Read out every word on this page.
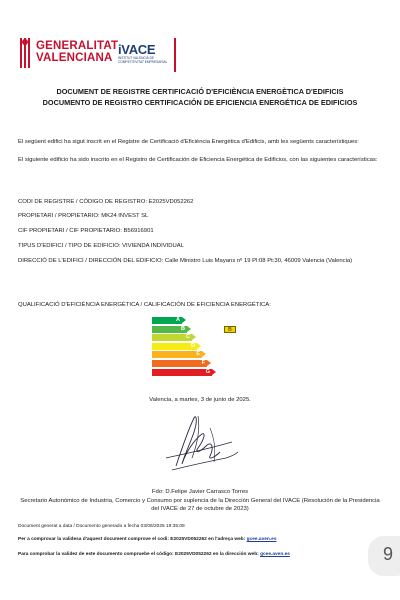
GENERALITAT
VALENCIANA
iVACE
INSTITUT VALENCIÀ DE COMPETITIVITAT EMPRESARIAL
DOCUMENT DE REGISTRE CERTIFICACIÓ D'EFICIÈNCIA ENERGÈTICA D'EDIFICIS
DOCUMENTO DE REGISTRO CERTIFICACIÓN DE EFICIENCIA ENERGÉTICA DE EDIFICIOS
El següent edifici ha sigut inscrit en el Registre de Certificació d'Eficiència Energètica d'Edificis, amb les següents característiques:
El siguiente edificio ha sido inscrito en el Registro de Certificación de Eficiencia Energética de Edificios, con las siguientes características:
CODI DE REGISTRE / CÓDIGO DE REGISTRO: E2025VD052262
PROPIETARI / PROPIETARIO: MK24 INVEST SL
CIF PROPIETARI / CIF PROPIETARIO: B56916901
TIPUS D'EDIFICI / TIPO DE EDIFICIO: VIVIENDA INDIVIDUAL
DIRECCIÓ DE L'EDIFICI / DIRECCIÓN DEL EDIFICIO: Calle Ministro Luis Mayans nº 19 Pl:08 Pt:30, 46009 Valencia (Valencia)
QUALIFICACIÓ D'EFICIÈNCIA ENERGÈTICA / CALIFICACIÓN DE EFICIENCIA ENERGÉTICA:
A
B	B
C
D
E
F
G
Valencia, a martes, 3 de junio de 2025.
Fdo: D.Felipe Javier Carrasco Torres
Secretario Autonómico de Industria, Comercio y Consumo por suplencia de la Dirección General del IVACE (Resolución de la Presidencia del IVACE de 27 de octubre de 2023)
Document generat a data / Documento generado a fecha 03/06/2025 19:35:08
Per a comprovar la validesa d'aquest document comprove el codi: E2025VD052262 en l'adreça web: gcee.aven.es
Para comprobar la validez de este documento compruebe el código: E2025VD052262 en la dirección web: gcee.aven.es	9
